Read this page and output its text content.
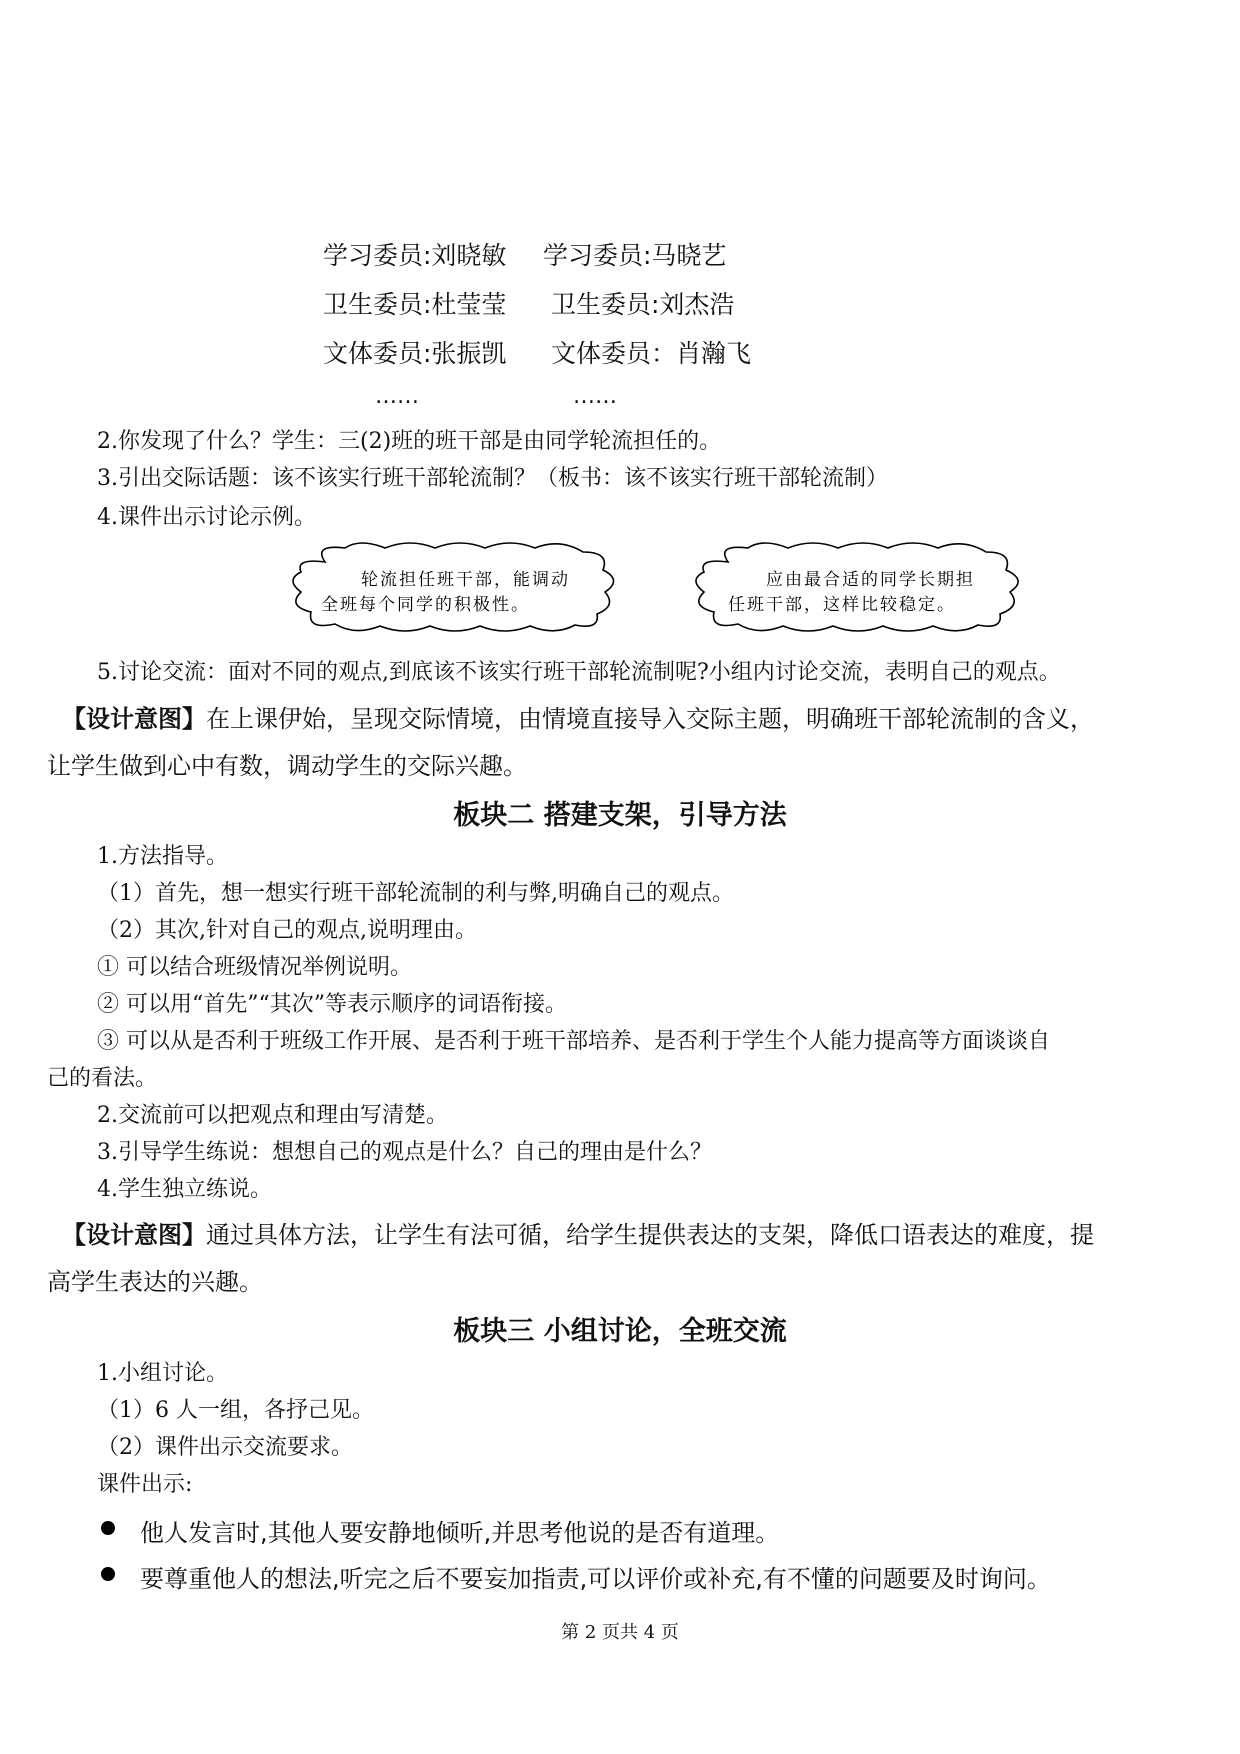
学习委员:刘晓敏 学习委员:马晓艺
卫生委员:杜莹莹 卫生委员:刘杰浩
文体委员:张振凯 文体委员：肖瀚飞
……	……
2.你发现了什么？学生：三(2)班的班干部是由同学轮流担任的。
3.引出交际话题：该不该实行班干部轮流制？（板书：该不该实行班干部轮流制）
4.课件出示讨论示例。
轮流担任班干部，能调动
全班每个同学的积极性。
应由最合适的同学长期担
任班干部，这样比较稳定。
5.讨论交流：面对不同的观点,到底该不该实行班干部轮流制呢?小组内讨论交流，表明自己的观点。
【设计意图】在上课伊始，呈现交际情境，由情境直接导入交际主题，明确班干部轮流制的含义，
让学生做到心中有数，调动学生的交际兴趣。
板块二 搭建支架，引导方法
1.方法指导。
（1）首先，想一想实行班干部轮流制的利与弊,明确自己的观点。
（2）其次,针对自己的观点,说明理由。
① 可以结合班级情况举例说明。
② 可以用“首先”“其次”等表示顺序的词语衔接。
③ 可以从是否利于班级工作开展、是否利于班干部培养、是否利于学生个人能力提高等方面谈谈自
己的看法。
2.交流前可以把观点和理由写清楚。
3.引导学生练说：想想自己的观点是什么？自己的理由是什么？
4.学生独立练说。
【设计意图】通过具体方法，让学生有法可循，给学生提供表达的支架，降低口语表达的难度，提
高学生表达的兴趣。
板块三 小组讨论，全班交流
1.小组讨论。
（1）6 人一组，各抒己见。
（2）课件出示交流要求。
课件出示:
他人发言时,其他人要安静地倾听,并思考他说的是否有道理。
要尊重他人的想法,听完之后不要妄加指责,可以评价或补充,有不懂的问题要及时询问。
第 2 页共 4 页
